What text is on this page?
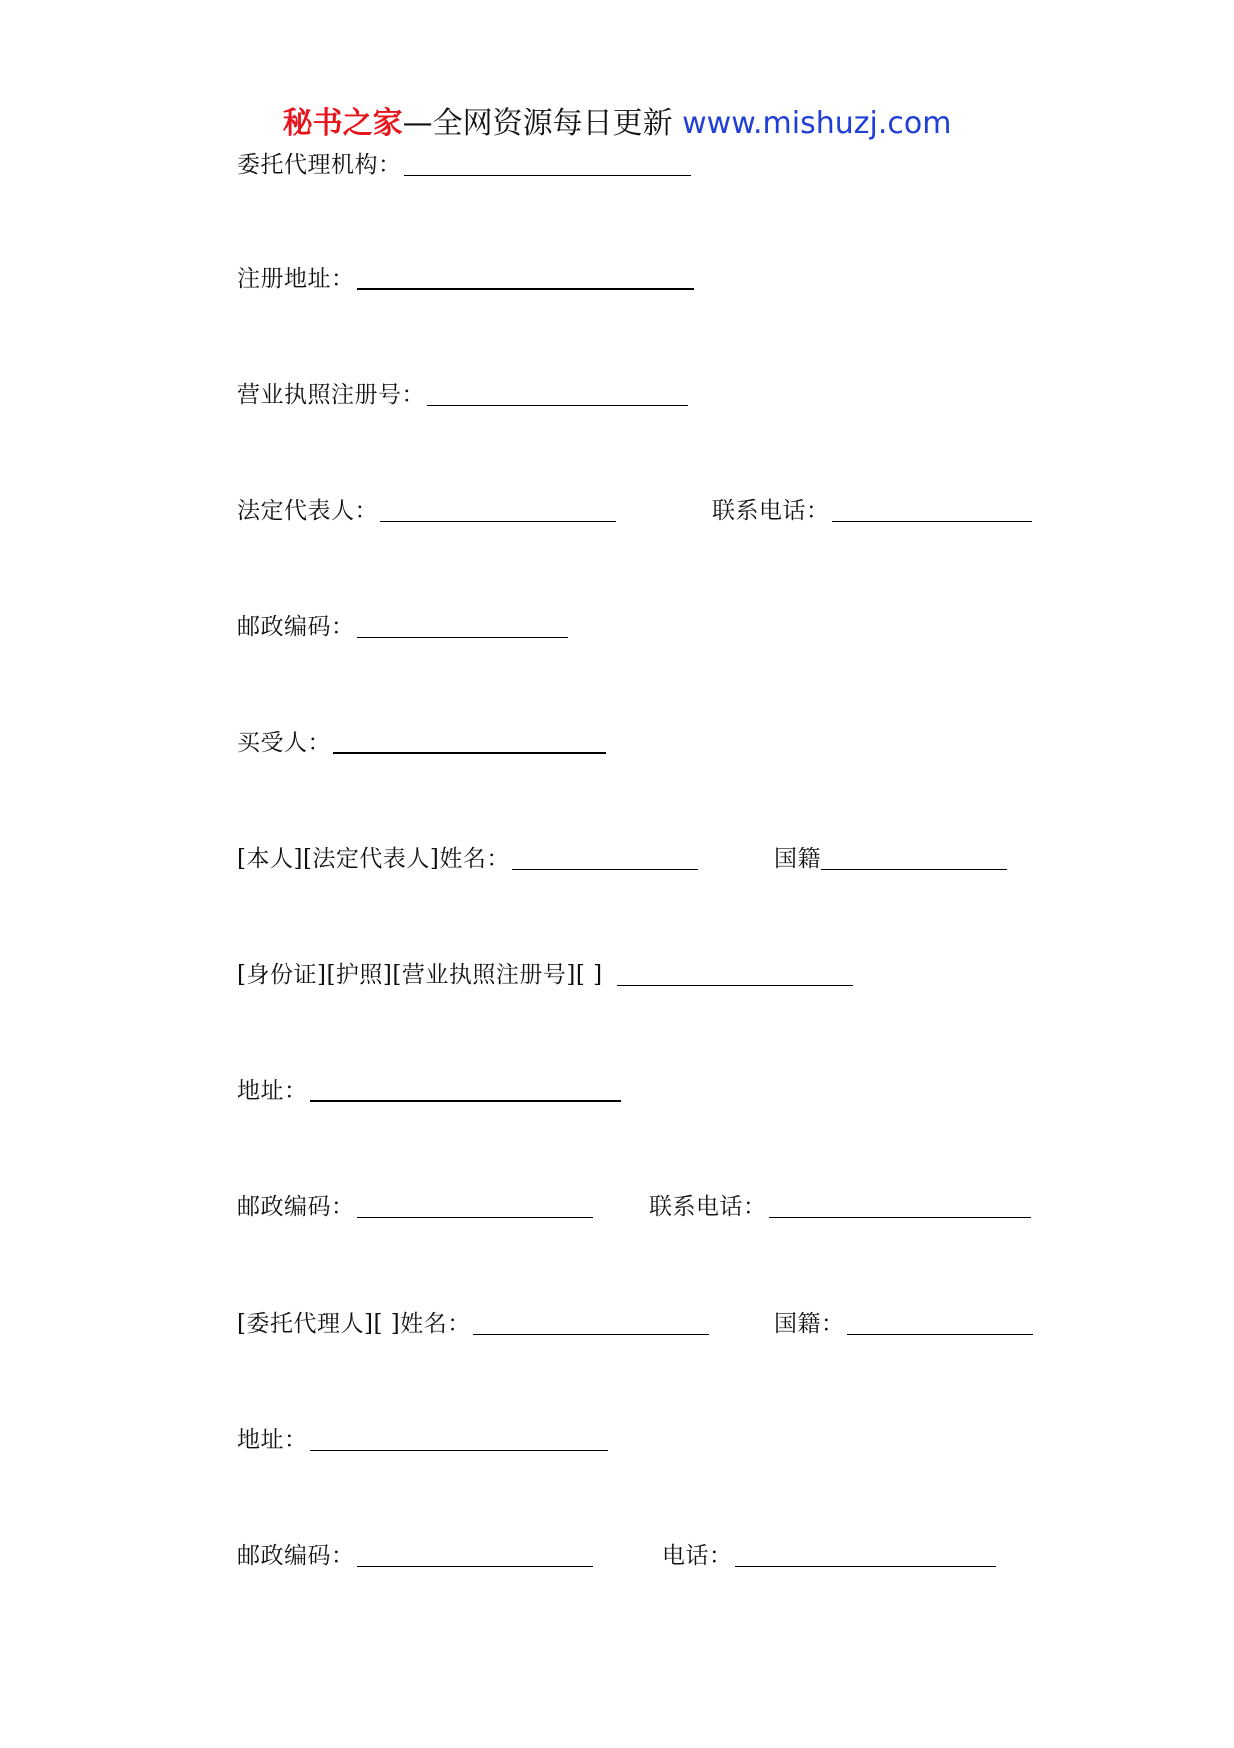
秘书之家—全网资源每日更新 www.mishuzj.com
委托代理机构：
注册地址：
营业执照注册号：
法定代表人：	联系电话：
邮政编码：
买受人：
[本人][法定代表人]姓名：	国籍
[身份证][护照][营业执照注册号][ ]
地址：
邮政编码：	联系电话：
[委托代理人][ ]姓名：	国籍：
地址：
邮政编码：	电话：
